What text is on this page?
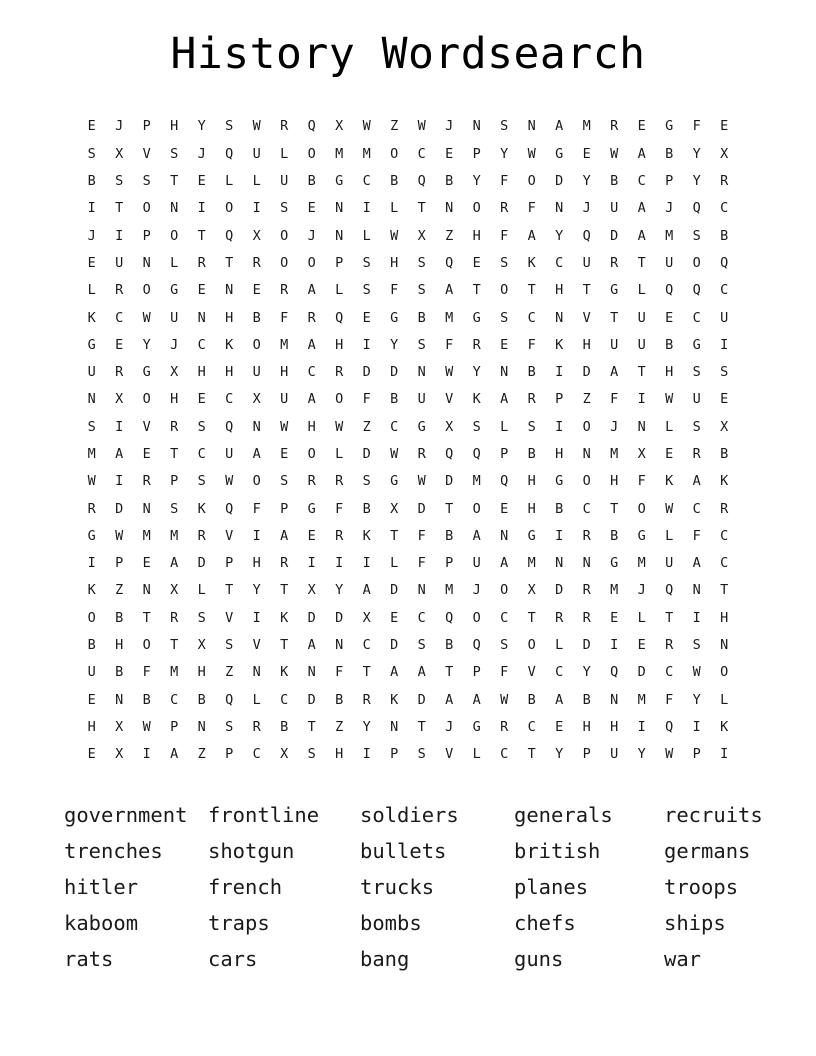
History Wordsearch
E	J	P	H	Y	S	W	R	Q	X	W	Z	W	J	N	S	N	A	M	R	E	G	F	E
S	X	V	S	J	Q	U	L	O	M	M	O	C	E	P	Y	W	G	E	W	A	B	Y	X
B	S	S	T	E	L	L	U	B	G	C	B	Q	B	Y	F	O	D	Y	B	C	P	Y	R
I	T	O	N	I	O	I	S	E	N	I	L	T	N	O	R	F	N	J	U	A	J	Q	C
J	I	P	O	T	Q	X	O	J	N	L	W	X	Z	H	F	A	Y	Q	D	A	M	S	B
E	U	N	L	R	T	R	O	O	P	S	H	S	Q	E	S	K	C	U	R	T	U	O	Q
L	R	O	G	E	N	E	R	A	L	S	F	S	A	T	O	T	H	T	G	L	Q	Q	C
K	C	W	U	N	H	B	F	R	Q	E	G	B	M	G	S	C	N	V	T	U	E	C	U
G	E	Y	J	C	K	O	M	A	H	I	Y	S	F	R	E	F	K	H	U	U	B	G	I
U	R	G	X	H	H	U	H	C	R	D	D	N	W	Y	N	B	I	D	A	T	H	S	S
N	X	O	H	E	C	X	U	A	O	F	B	U	V	K	A	R	P	Z	F	I	W	U	E
S	I	V	R	S	Q	N	W	H	W	Z	C	G	X	S	L	S	I	O	J	N	L	S	X
M	A	E	T	C	U	A	E	O	L	D	W	R	Q	Q	P	B	H	N	M	X	E	R	B
W	I	R	P	S	W	O	S	R	R	S	G	W	D	M	Q	H	G	O	H	F	K	A	K
R	D	N	S	K	Q	F	P	G	F	B	X	D	T	O	E	H	B	C	T	O	W	C	R
G	W	M	M	R	V	I	A	E	R	K	T	F	B	A	N	G	I	R	B	G	L	F	C
I	P	E	A	D	P	H	R	I	I	I	L	F	P	U	A	M	N	N	G	M	U	A	C
K	Z	N	X	L	T	Y	T	X	Y	A	D	N	M	J	O	X	D	R	M	J	Q	N	T
O	B	T	R	S	V	I	K	D	D	X	E	C	Q	O	C	T	R	R	E	L	T	I	H
B	H	O	T	X	S	V	T	A	N	C	D	S	B	Q	S	O	L	D	I	E	R	S	N
U	B	F	M	H	Z	N	K	N	F	T	A	A	T	P	F	V	C	Y	Q	D	C	W	O
E	N	B	C	B	Q	L	C	D	B	R	K	D	A	A	W	B	A	B	N	M	F	Y	L
H	X	W	P	N	S	R	B	T	Z	Y	N	T	J	G	R	C	E	H	H	I	Q	I	K
E	X	I	A	Z	P	C	X	S	H	I	P	S	V	L	C	T	Y	P	U	Y	W	P	I
government	frontline	soldiers	generals	recruits
trenches	shotgun	bullets	british	germans
hitler	french	trucks	planes	troops
kaboom	traps	bombs	chefs	ships
rats	cars	bang	guns	war
